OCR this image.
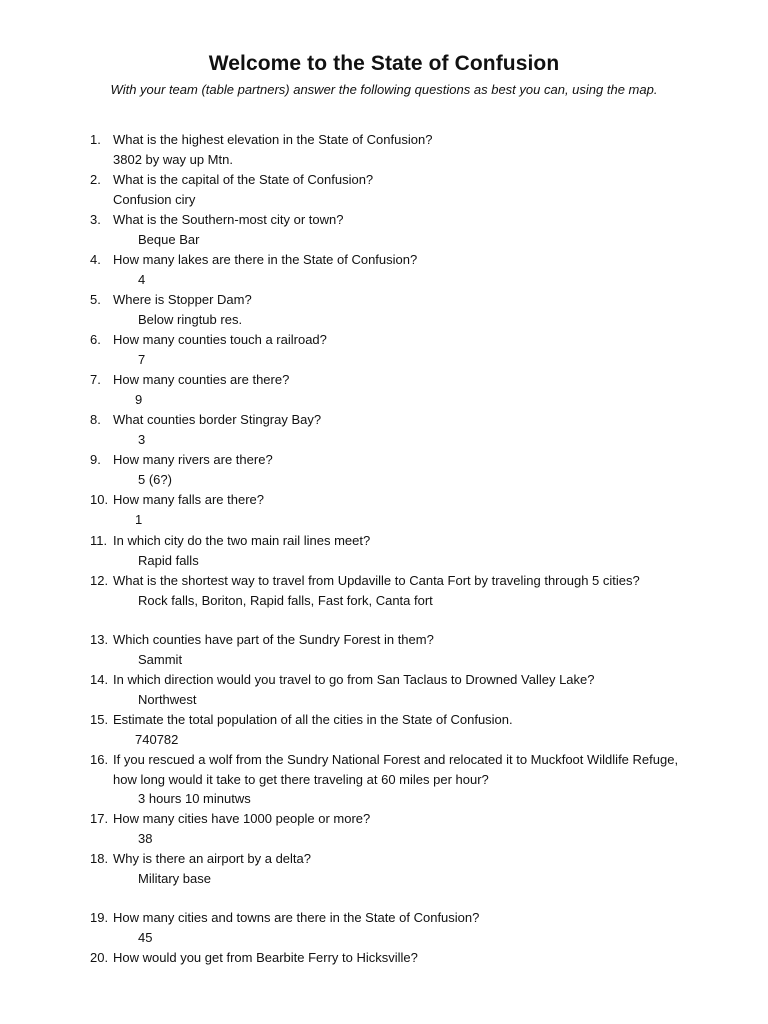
Welcome to the State of Confusion
With your team (table partners) answer the following questions as best you can, using the map.
1. What is the highest elevation in the State of Confusion?
3802 by way up Mtn.
2. What is the capital of the State of Confusion?
Confusion ciry
3. What is the Southern-most city or town?
Beque Bar
4. How many lakes are there in the State of Confusion?
4
5. Where is Stopper Dam?
Below ringtub res.
6. How many counties touch a railroad?
7
7. How many counties are there?
9
8. What counties border Stingray Bay?
3
9. How many rivers are there?
5 (6?)
10. How many falls are there?
1
11. In which city do the two main rail lines meet?
Rapid falls
12. What is the shortest way to travel from Updaville to Canta Fort by traveling through 5 cities?
Rock falls, Boriton, Rapid falls, Fast fork, Canta fort
13. Which counties have part of the Sundry Forest in them?
Sammit
14. In which direction would you travel to go from San Taclaus to Drowned Valley Lake?
Northwest
15. Estimate the total population of all the cities in the State of Confusion.
740782
16. If you rescued a wolf from the Sundry National Forest and relocated it to Muckfoot Wildlife Refuge, how long would it take to get there traveling at 60 miles per hour?
3 hours 10 minutws
17. How many cities have 1000 people or more?
38
18. Why is there an airport by a delta?
Military base
19. How many cities and towns are there in the State of Confusion?
45
20. How would you get from Bearbite Ferry to Hicksville?
